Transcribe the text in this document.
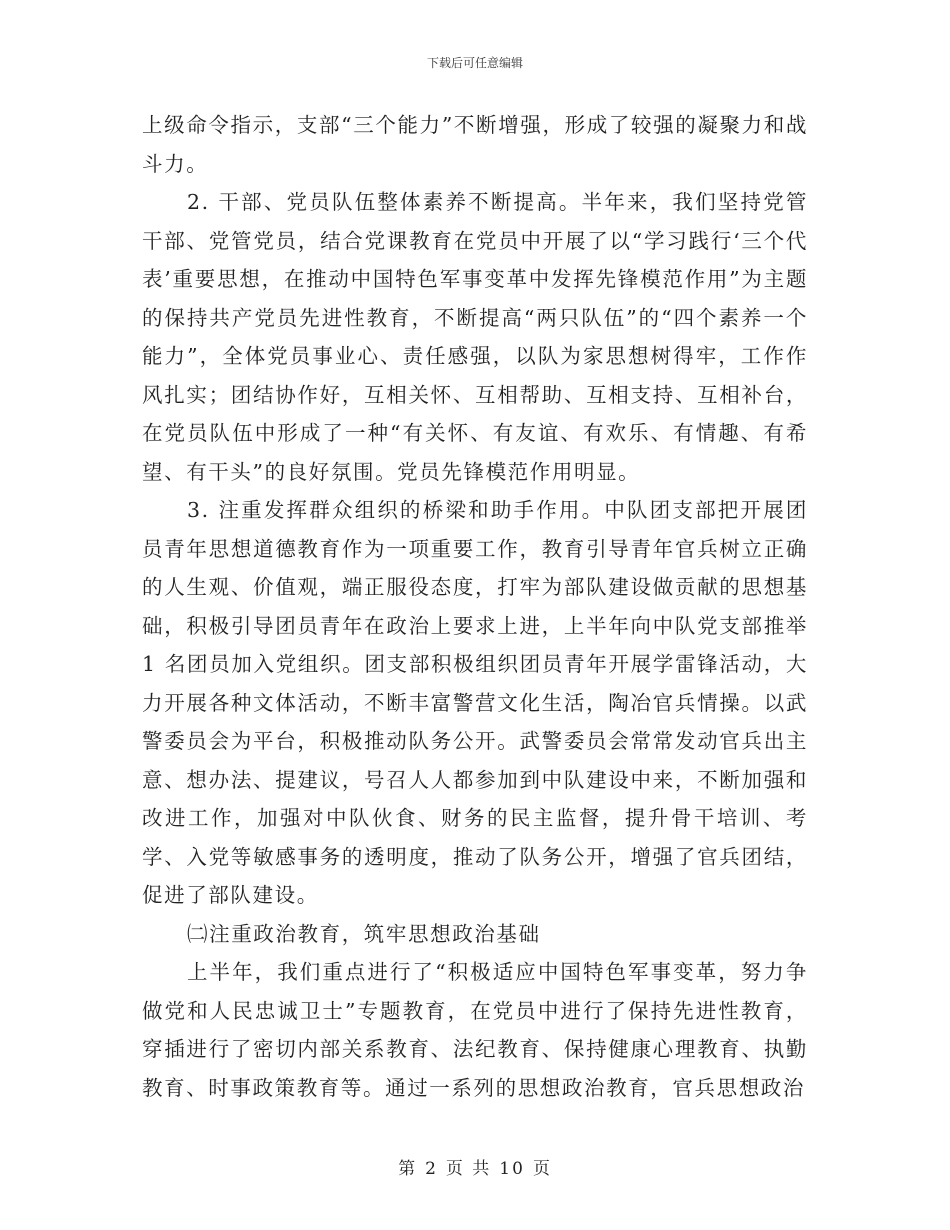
下载后可任意编辑

上级命令指示，支部“三个能力”不断增强，形成了较强的凝聚力和战斗力。

2. 干部、党员队伍整体素养不断提高。半年来，我们坚持党管干部、党管党员，结合党课教育在党员中开展了以“学习践行‘三个代表’重要思想，在推动中国特色军事变革中发挥先锋模范作用”为主题的保持共产党员先进性教育，不断提高“两只队伍”的“四个素养一个能力”，全体党员事业心、责任感强，以队为家思想树得牢，工作作风扎实；团结协作好，互相关怀、互相帮助、互相支持、互相补台，在党员队伍中形成了一种“有关怀、有友谊、有欢乐、有情趣、有希望、有干头”的良好氛围。党员先锋模范作用明显。

3. 注重发挥群众组织的桥梁和助手作用。中队团支部把开展团员青年思想道德教育作为一项重要工作，教育引导青年官兵树立正确的人生观、价值观，端正服役态度，打牢为部队建设做贡献的思想基础，积极引导团员青年在政治上要求上进，上半年向中队党支部推举 1 名团员加入党组织。团支部积极组织团员青年开展学雷锋活动，大力开展各种文体活动，不断丰富警营文化生活，陶冶官兵情操。以武警委员会为平台，积极推动队务公开。武警委员会常常发动官兵出主意、想办法、提建议，号召人人都参加到中队建设中来，不断加强和改进工作，加强对中队伙食、财务的民主监督，提升骨干培训、考学、入党等敏感事务的透明度，推动了队务公开，增强了官兵团结，促进了部队建设。

㈡注重政治教育，筑牢思想政治基础

上半年，我们重点进行了“积极适应中国特色军事变革，努力争做党和人民忠诚卫士”专题教育，在党员中进行了保持先进性教育，穿插进行了密切内部关系教育、法纪教育、保持健康心理教育、执勤教育、时事政策教育等。通过一系列的思想政治教育，官兵思想政治

第 2 页 共 10 页
